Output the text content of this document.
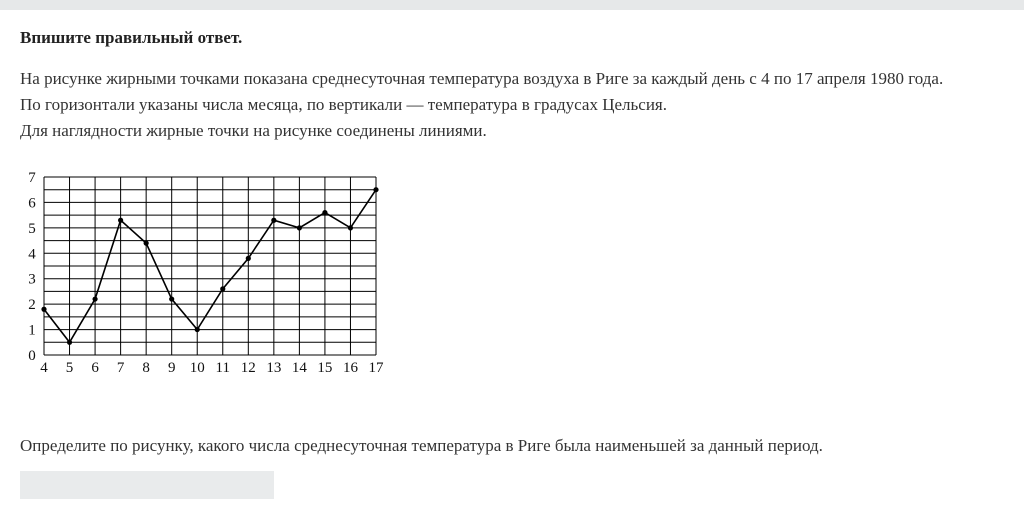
Впишите правильный ответ.
На рисунке жирными точками показана среднесуточная температура воздуха в Риге за каждый день с 4 по 17 апреля 1980 года.
По горизонтали указаны числа месяца, по вертикали — температура в градусах Цельсия.
Для наглядности жирные точки на рисунке соединены линиями.
0
1
2
3
4
5
6
7
4 5 6 7 8 9 10 11 12 13 14 15 16 17
Определите по рисунку, какого числа среднесуточная температура в Риге была наименьшей за данный период.
